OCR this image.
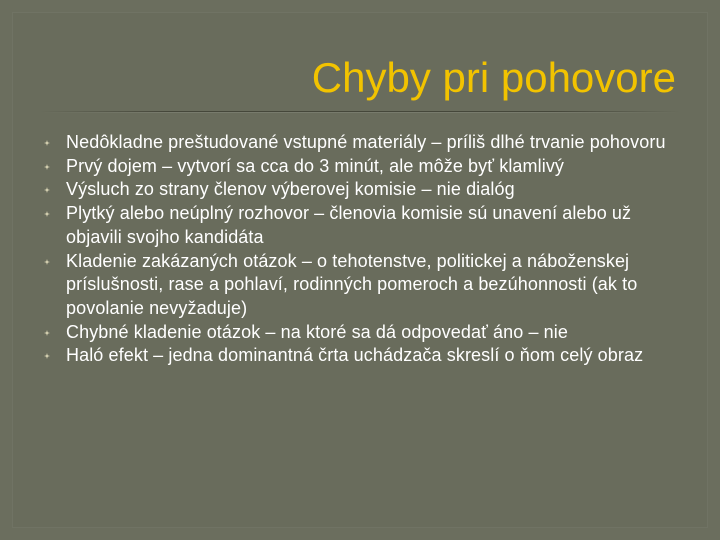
Chyby pri pohovore
Nedôkladne preštudované vstupné materiály – príliš dlhé trvanie pohovoru
Prvý dojem – vytvorí sa cca do 3 minút, ale môže byť klamlivý
Výsluch zo strany členov výberovej komisie – nie dialóg
Plytký alebo neúplný rozhovor – členovia komisie sú unavení alebo už objavili svojho kandidáta
Kladenie zakázaných otázok – o tehotenstve, politickej a náboženskej príslušnosti, rase a pohlaví, rodinných pomeroch a bezúhonnosti (ak to povolanie nevyžaduje)
Chybné kladenie otázok – na ktoré sa dá odpovedať áno – nie
Haló efekt – jedna dominantná črta uchádzača skreslí o ňom celý obraz
